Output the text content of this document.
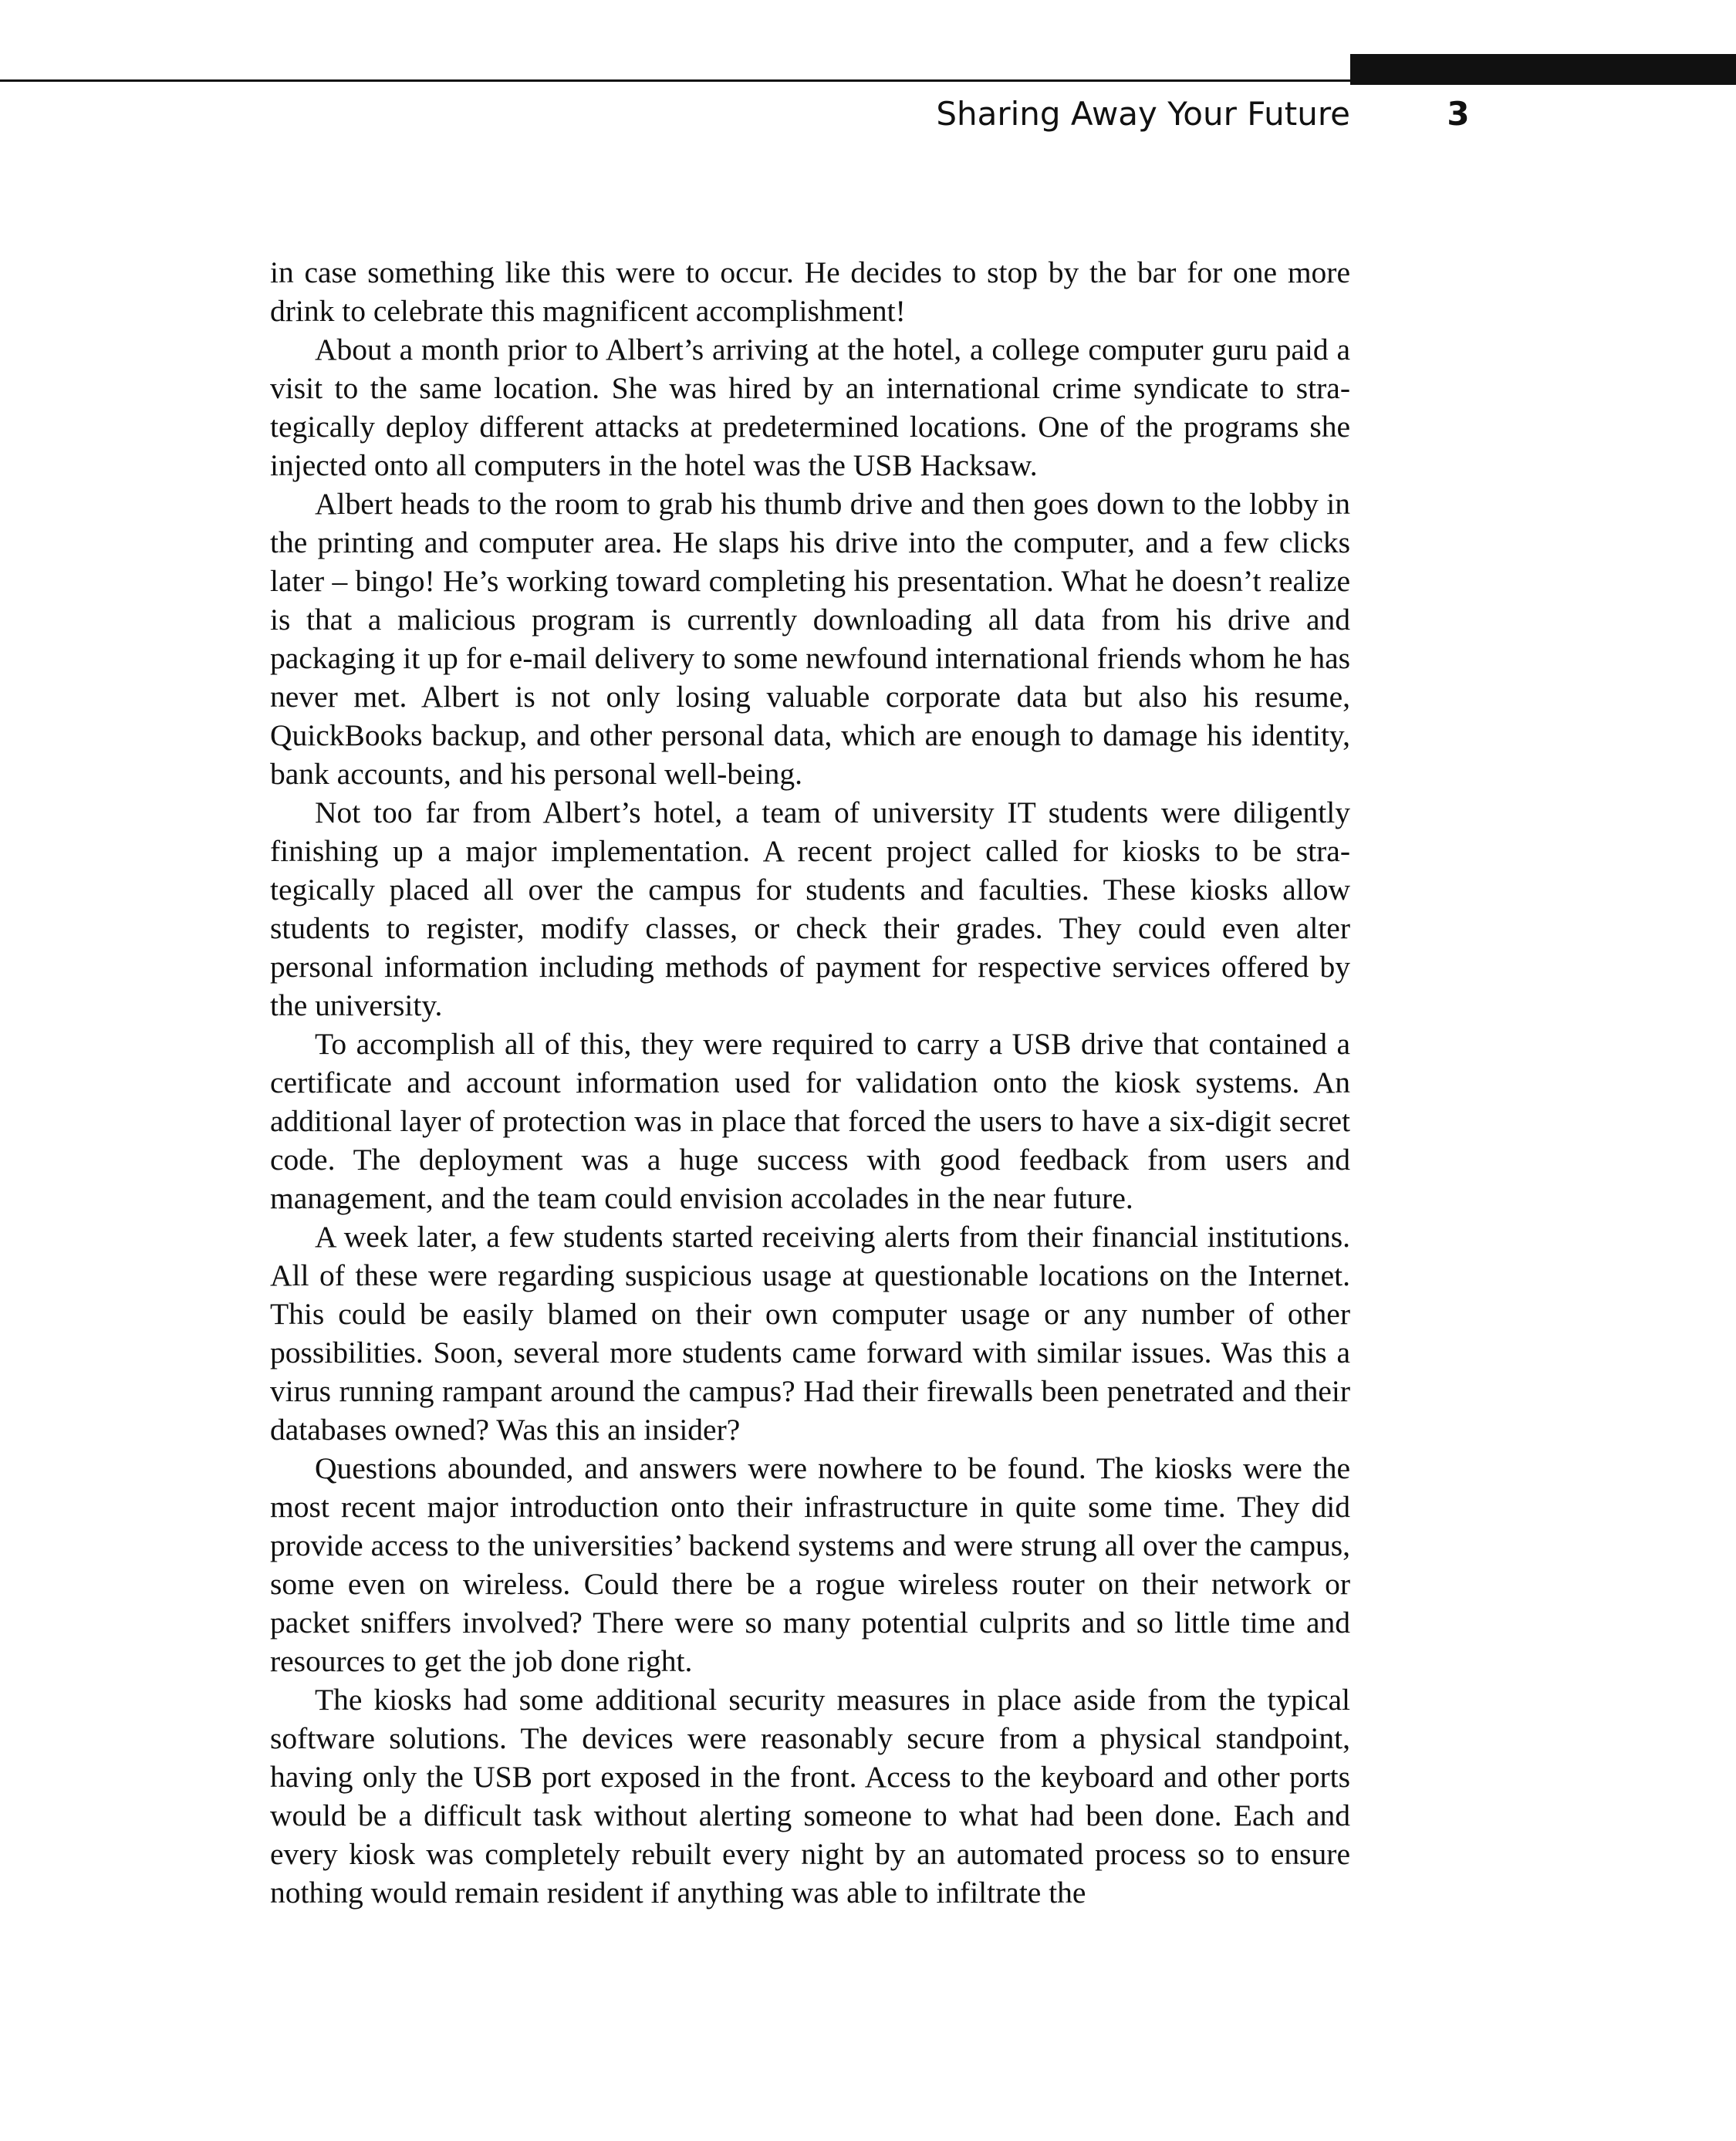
Sharing Away Your Future	3

in case something like this were to occur. He decides to stop by the bar for one more drink to celebrate this magnificent accomplishment!

About a month prior to Albert’s arriving at the hotel, a college computer guru paid a visit to the same location. She was hired by an international crime syndicate to strategically deploy different attacks at predetermined locations. One of the programs she injected onto all computers in the hotel was the USB Hacksaw.

Albert heads to the room to grab his thumb drive and then goes down to the lobby in the printing and computer area. He slaps his drive into the computer, and a few clicks later – bingo! He’s working toward completing his presentation. What he doesn’t realize is that a malicious program is currently downloading all data from his drive and packaging it up for e-mail delivery to some newfound international friends whom he has never met. Albert is not only losing valuable corporate data but also his resume, QuickBooks backup, and other personal data, which are enough to damage his identity, bank accounts, and his personal well-being.

Not too far from Albert’s hotel, a team of university IT students were diligently finishing up a major implementation. A recent project called for kiosks to be strategically placed all over the campus for students and faculties. These kiosks allow students to register, modify classes, or check their grades. They could even alter personal information including methods of payment for respective services offered by the university.

To accomplish all of this, they were required to carry a USB drive that contained a certificate and account information used for validation onto the kiosk systems. An additional layer of protection was in place that forced the users to have a six-digit secret code. The deployment was a huge success with good feedback from users and management, and the team could envision accolades in the near future.

A week later, a few students started receiving alerts from their financial institutions. All of these were regarding suspicious usage at questionable locations on the Internet. This could be easily blamed on their own computer usage or any number of other possibilities. Soon, several more students came forward with similar issues. Was this a virus running rampant around the campus? Had their firewalls been penetrated and their databases owned? Was this an insider?

Questions abounded, and answers were nowhere to be found. The kiosks were the most recent major introduction onto their infrastructure in quite some time. They did provide access to the universities’ backend systems and were strung all over the campus, some even on wireless. Could there be a rogue wireless router on their network or packet sniffers involved? There were so many potential culprits and so little time and resources to get the job done right.

The kiosks had some additional security measures in place aside from the typical software solutions. The devices were reasonably secure from a physical standpoint, having only the USB port exposed in the front. Access to the keyboard and other ports would be a difficult task without alerting someone to what had been done. Each and every kiosk was completely rebuilt every night by an automated process so to ensure nothing would remain resident if anything was able to infiltrate the
